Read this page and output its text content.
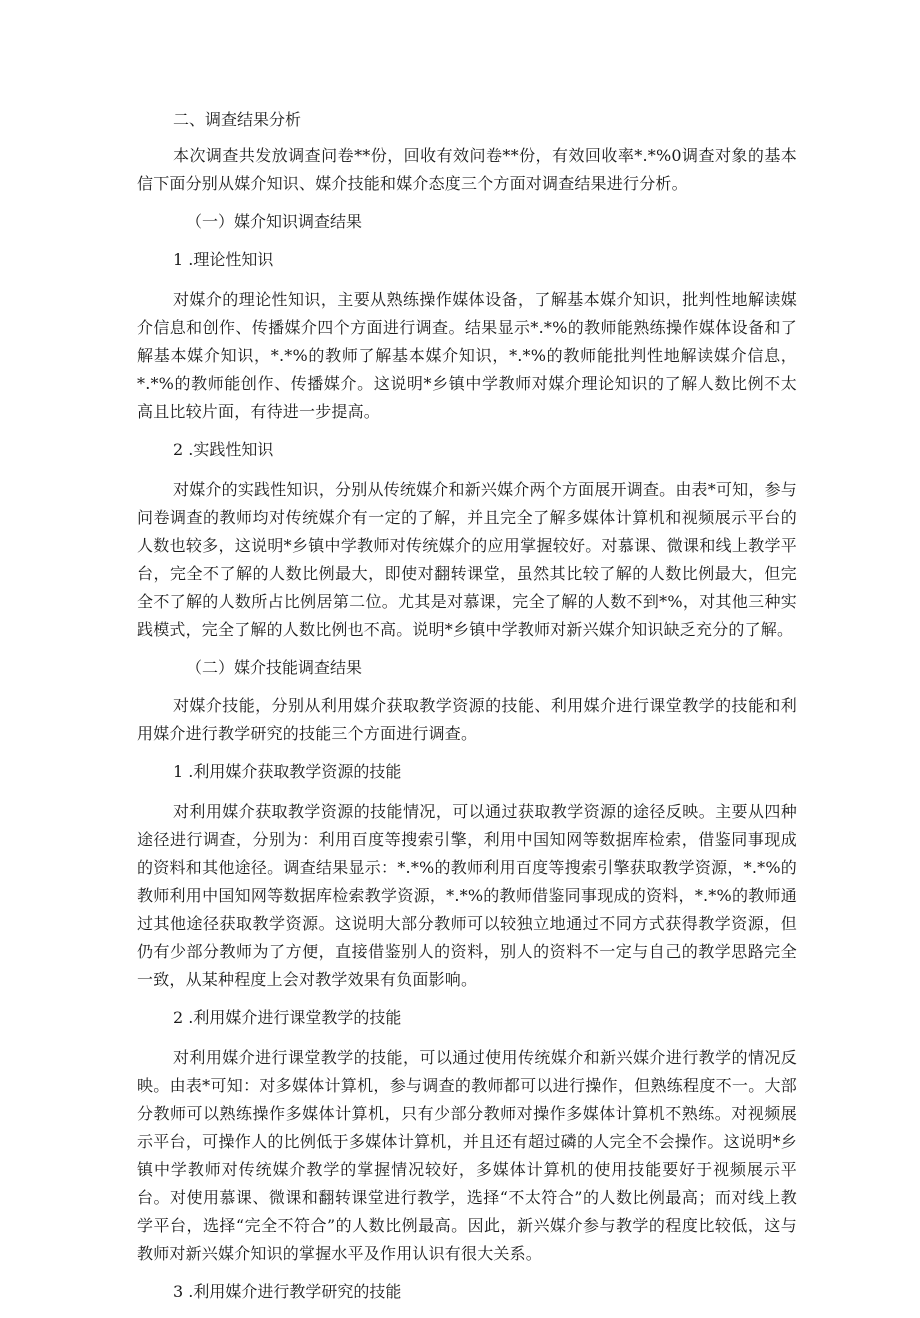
二、调查结果分析

本次调查共发放调查问卷**份，回收有效问卷**份，有效回收率*.*%0调查对象的基本信下面分别从媒介知识、媒介技能和媒介态度三个方面对调查结果进行分析。

（一）媒介知识调查结果

1 .理论性知识

对媒介的理论性知识，主要从熟练操作媒体设备，了解基本媒介知识，批判性地解读媒介信息和创作、传播媒介四个方面进行调查。结果显示*.*%的教师能熟练操作媒体设备和了解基本媒介知识，*.*%的教师了解基本媒介知识，*.*%的教师能批判性地解读媒介信息，*.*%的教师能创作、传播媒介。这说明*乡镇中学教师对媒介理论知识的了解人数比例不太高且比较片面，有待进一步提高。

2 .实践性知识

对媒介的实践性知识，分别从传统媒介和新兴媒介两个方面展开调查。由表*可知，参与问卷调查的教师均对传统媒介有一定的了解，并且完全了解多媒体计算机和视频展示平台的人数也较多，这说明*乡镇中学教师对传统媒介的应用掌握较好。对慕课、微课和线上教学平台，完全不了解的人数比例最大，即使对翻转课堂，虽然其比较了解的人数比例最大，但完全不了解的人数所占比例居第二位。尤其是对慕课，完全了解的人数不到*%，对其他三种实践模式，完全了解的人数比例也不高。说明*乡镇中学教师对新兴媒介知识缺乏充分的了解。

（二）媒介技能调查结果

对媒介技能，分别从利用媒介获取教学资源的技能、利用媒介进行课堂教学的技能和利用媒介进行教学研究的技能三个方面进行调查。

1 .利用媒介获取教学资源的技能

对利用媒介获取教学资源的技能情况，可以通过获取教学资源的途径反映。主要从四种途径进行调查，分别为：利用百度等搜索引擎，利用中国知网等数据库检索，借鉴同事现成的资料和其他途径。调查结果显示：*.*%的教师利用百度等搜索引擎获取教学资源，*.*%的教师利用中国知网等数据库检索教学资源，*.*%的教师借鉴同事现成的资料，*.*%的教师通过其他途径获取教学资源。这说明大部分教师可以较独立地通过不同方式获得教学资源，但仍有少部分教师为了方便，直接借鉴别人的资料，别人的资料不一定与自己的教学思路完全一致，从某种程度上会对教学效果有负面影响。

2 .利用媒介进行课堂教学的技能

对利用媒介进行课堂教学的技能，可以通过使用传统媒介和新兴媒介进行教学的情况反映。由表*可知：对多媒体计算机，参与调查的教师都可以进行操作，但熟练程度不一。大部分教师可以熟练操作多媒体计算机，只有少部分教师对操作多媒体计算机不熟练。对视频展示平台，可操作人的比例低于多媒体计算机，并且还有超过磷的人完全不会操作。这说明*乡镇中学教师对传统媒介教学的掌握情况较好，多媒体计算机的使用技能要好于视频展示平台。对使用慕课、微课和翻转课堂进行教学，选择“不太符合”的人数比例最高；而对线上教学平台，选择“完全不符合”的人数比例最高。因此，新兴媒介参与教学的程度比较低，这与教师对新兴媒介知识的掌握水平及作用认识有很大关系。

3 .利用媒介进行教学研究的技能
